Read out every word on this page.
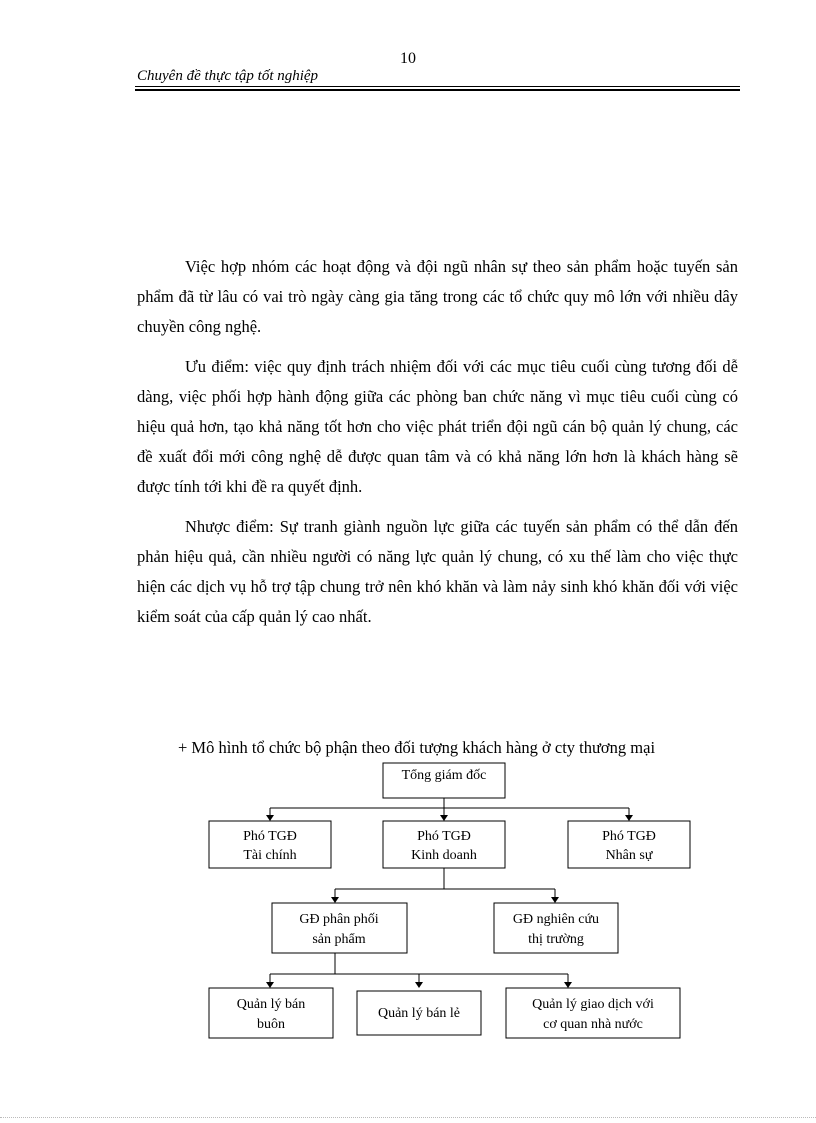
10
Chuyên đề thực tập tốt nghiệp

Việc hợp nhóm các hoạt động và đội ngũ nhân sự theo sản phẩm hoặc tuyến sản phẩm đã từ lâu có vai trò ngày càng gia tăng trong các tổ chức quy mô lớn với nhiều dây chuyền công nghệ.

Ưu điểm: việc quy định trách nhiệm đối với các mục tiêu cuối cùng tương đối dễ dàng, việc phối hợp hành động giữa các phòng ban chức năng vì mục tiêu cuối cùng có hiệu quả hơn, tạo khả năng tốt hơn cho việc phát triển đội ngũ cán bộ quản lý chung, các đề xuất đổi mới công nghệ dễ được quan tâm và có khả năng lớn hơn là khách hàng sẽ được tính tới khi đề ra quyết định.

Nhược điểm: Sự tranh giành nguồn lực giữa các tuyến sản phẩm có thể dẫn đến phản hiệu quả, cần nhiều người có năng lực quản lý chung, có xu thế làm cho việc thực hiện các dịch vụ hỗ trợ tập chung trở nên khó khăn và làm nảy sinh khó khăn đối với việc kiểm soát của cấp quản lý cao nhất.

+ Mô hình tổ chức bộ phận theo đối tượng khách hàng ở cty thương mại
Tổng giám đốc
Phó TGĐ
Tài chính
Phó TGĐ
Kinh doanh
Phó TGĐ
Nhân sự
GĐ phân phối
sản phẩm
GĐ nghiên cứu
thị trường
Quản lý bán
buôn
Quản lý bán lẻ
Quản lý giao dịch với
cơ quan nhà nước
